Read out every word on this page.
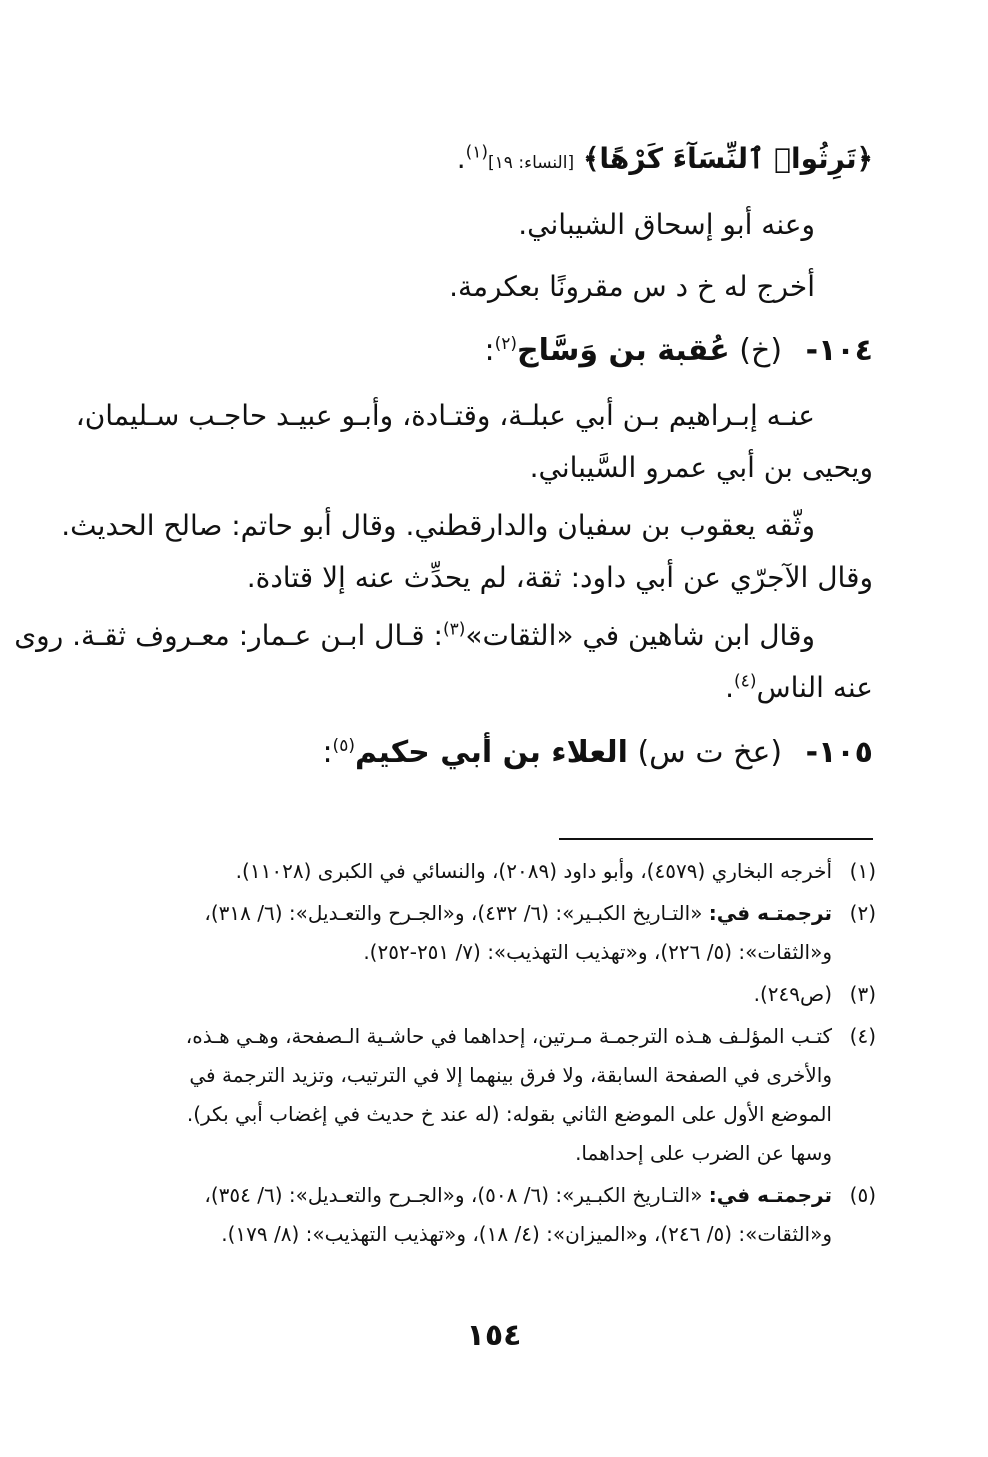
﴿تَرِثُوا۟ ٱلنِّسَآءَ كَرْهًا﴾ [النساء: ١٩]$^{(١)}$.
وعنه أبو إسحاق الشيباني.
أخرج له خ د س مقرونًا بعكرمة.
١٠٤- (خ) عُقبة بن وَسَّاج$^{(٢)}$:
عنـه إبـراهيم بـن أبي عبلـة، وقتـادة، وأبـو عبيـد حاجـب سـليمان،
ويحيى بن أبي عمرو السَّيباني.
وثّقه يعقوب بن سفيان والدارقطني. وقال أبو حاتم: صالح الحديث.
وقال الآجرّي عن أبي داود: ثقة، لم يحدِّث عنه إلا قتادة.
وقال ابن شاهين في «الثقات»$^{(٣)}$: قـال ابـن عـمار: معـروف ثقـة. روى
عنه الناس$^{(٤)}$.
١٠٥- (عخ ت س) العلاء بن أبي حكيم$^{(٥)}$:
(١)
أخرجه البخاري (٤٥٧٩)، وأبو داود (٢٠٨٩)، والنسائي في الكبرى (١١٠٢٨).
(٢)
ترجمتـه في: «التـاريخ الكبـير»: (٦/ ٤٣٢)، و«الجـرح والتعـديل»: (٦/ ٣١٨)،
و«الثقات»: (٥/ ٢٢٦)، و«تهذيب التهذيب»: (٧/ ٢٥١-٢٥٢).
(٣)
(ص٢٤٩).
(٤)
كتـب المؤلـف هـذه الترجمـة مـرتين، إحداهما في حاشـية الـصفحة، وهـي هـذه،
والأخرى في الصفحة السابقة، ولا فرق بينهما إلا في الترتيب، وتزيد الترجمة في
الموضع الأول على الموضع الثاني بقوله: (له عند خ حديث في إغضاب أبي بكر).
وسها عن الضرب على إحداهما.
(٥)
ترجمتـه في: «التـاريخ الكبـير»: (٦/ ٥٠٨)، و«الجـرح والتعـديل»: (٦/ ٣٥٤)،
و«الثقات»: (٥/ ٢٤٦)، و«الميزان»: (٤/ ١٨)، و«تهذيب التهذيب»: (٨/ ١٧٩).
١٥٤
